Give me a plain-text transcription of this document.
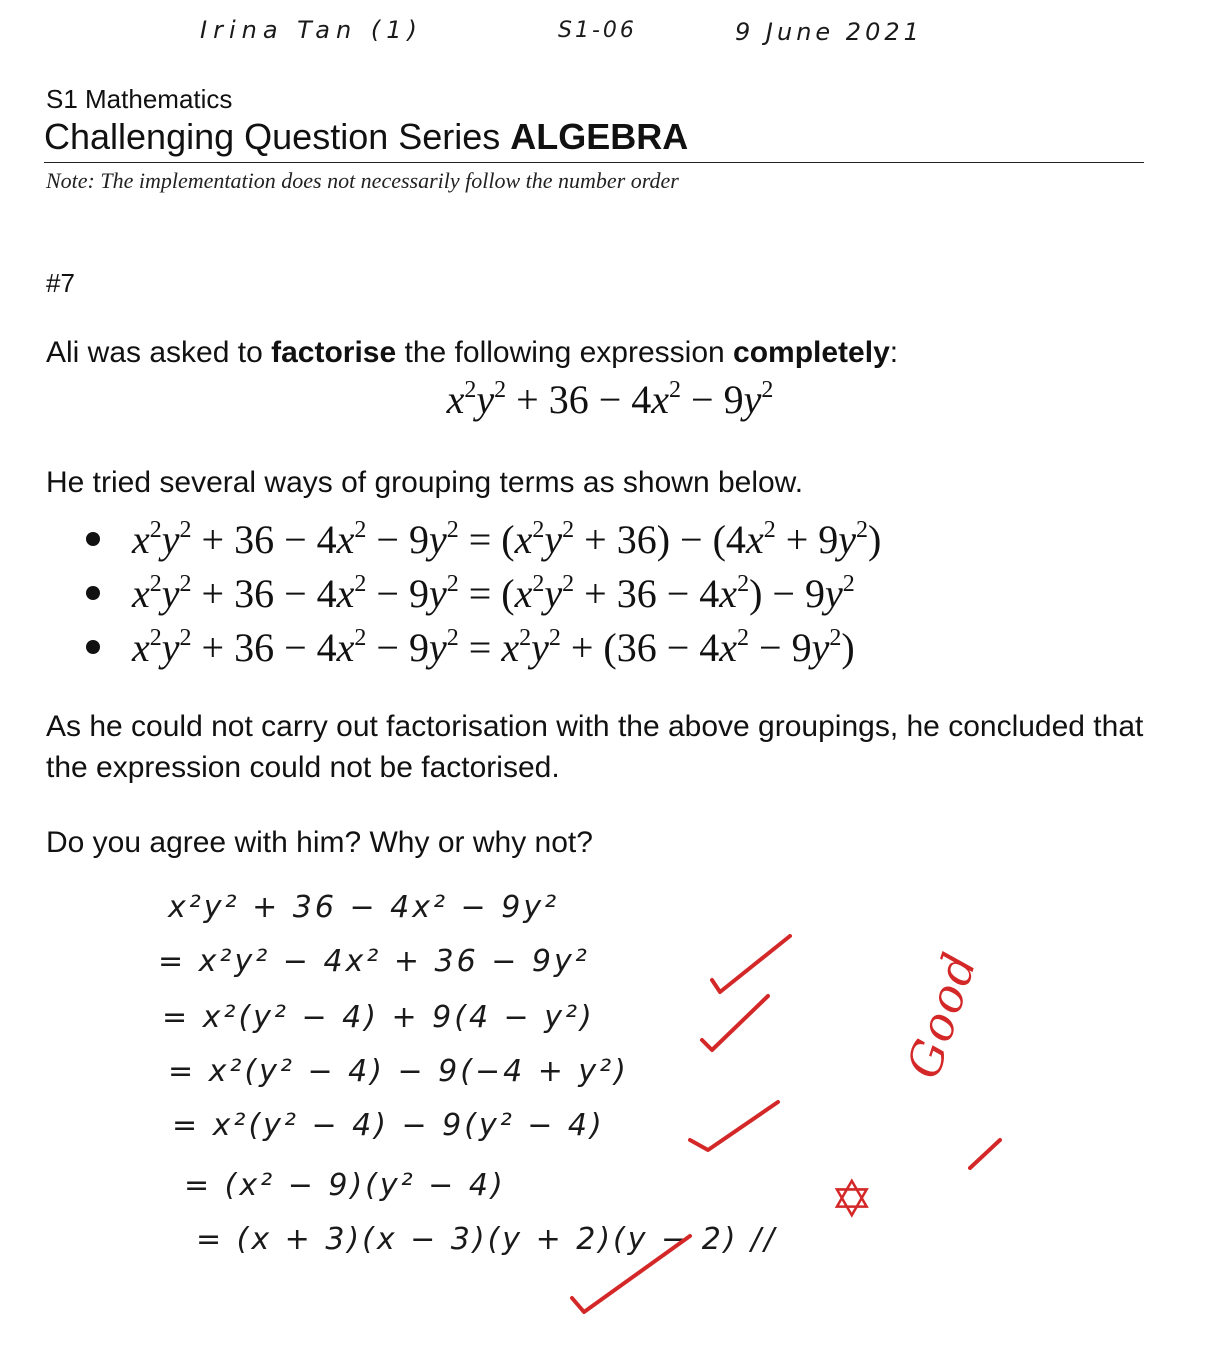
Irina Tan (1)	S1-06	9 June 2021
S1 Mathematics
Challenging Question Series ALGEBRA
Note: The implementation does not necessarily follow the number order
#7
Ali was asked to factorise the following expression completely:
$x^2y^2 + 36 - 4x^2 - 9y^2$
He tried several ways of grouping terms as shown below.
$x^2y^2 + 36 - 4x^2 - 9y^2 = (x^2y^2 + 36) - (4x^2 + 9y^2)$
$x^2y^2 + 36 - 4x^2 - 9y^2 = (x^2y^2 + 36 - 4x^2) - 9y^2$
$x^2y^2 + 36 - 4x^2 - 9y^2 = x^2y^2 + (36 - 4x^2 - 9y^2)$
As he could not carry out factorisation with the above groupings, he concluded that the expression could not be factorised.
Do you agree with him? Why or why not?
x²y² + 36 − 4x² − 9y²
= x²y² − 4x² + 36 − 9y²
= x²(y² − 4) + 9(4 − y²)
= x²(y² − 4) − 9(−4 + y²)
= x²(y² − 4) − 9(y² − 4)
= (x² − 9)(y² − 4)
= (x + 3)(x − 3)(y + 2)(y − 2) //
Good
✡
